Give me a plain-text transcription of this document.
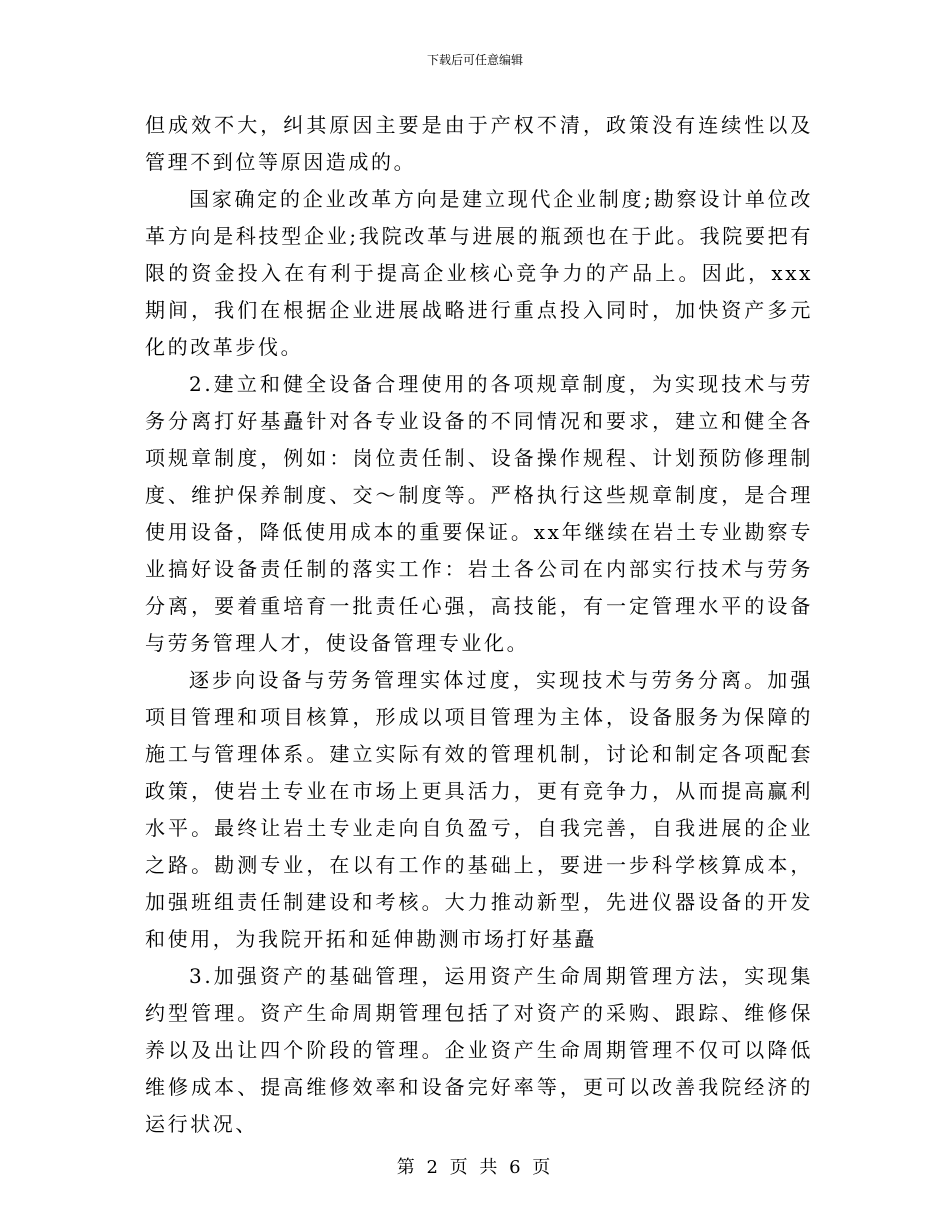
下载后可任意编辑

但成效不大，纠其原因主要是由于产权不清，政策没有连续性以及管理不到位等原因造成的。

国家确定的企业改革方向是建立现代企业制度;勘察设计单位改革方向是科技型企业;我院改革与进展的瓶颈也在于此。我院要把有限的资金投入在有利于提高企业核心竞争力的产品上。因此，xxx期间，我们在根据企业进展战略进行重点投入同时，加快资产多元化的改革步伐。

2.建立和健全设备合理使用的各项规章制度，为实现技术与劳务分离打好基矗针对各专业设备的不同情况和要求，建立和健全各项规章制度，例如：岗位责任制、设备操作规程、计划预防修理制度、维护保养制度、交～制度等。严格执行这些规章制度，是合理使用设备，降低使用成本的重要保证。xx年继续在岩土专业勘察专业搞好设备责任制的落实工作：岩土各公司在内部实行技术与劳务分离，要着重培育一批责任心强，高技能，有一定管理水平的设备与劳务管理人才，使设备管理专业化。

逐步向设备与劳务管理实体过度，实现技术与劳务分离。加强项目管理和项目核算，形成以项目管理为主体，设备服务为保障的施工与管理体系。建立实际有效的管理机制，讨论和制定各项配套政策，使岩土专业在市场上更具活力，更有竞争力，从而提高赢利水平。最终让岩土专业走向自负盈亏，自我完善，自我进展的企业之路。勘测专业，在以有工作的基础上，要进一步科学核算成本，加强班组责任制建设和考核。大力推动新型，先进仪器设备的开发和使用，为我院开拓和延伸勘测市场打好基矗

3.加强资产的基础管理，运用资产生命周期管理方法，实现集约型管理。资产生命周期管理包括了对资产的采购、跟踪、维修保养以及出让四个阶段的管理。企业资产生命周期管理不仅可以降低维修成本、提高维修效率和设备完好率等，更可以改善我院经济的运行状况、

第 2 页 共 6 页
